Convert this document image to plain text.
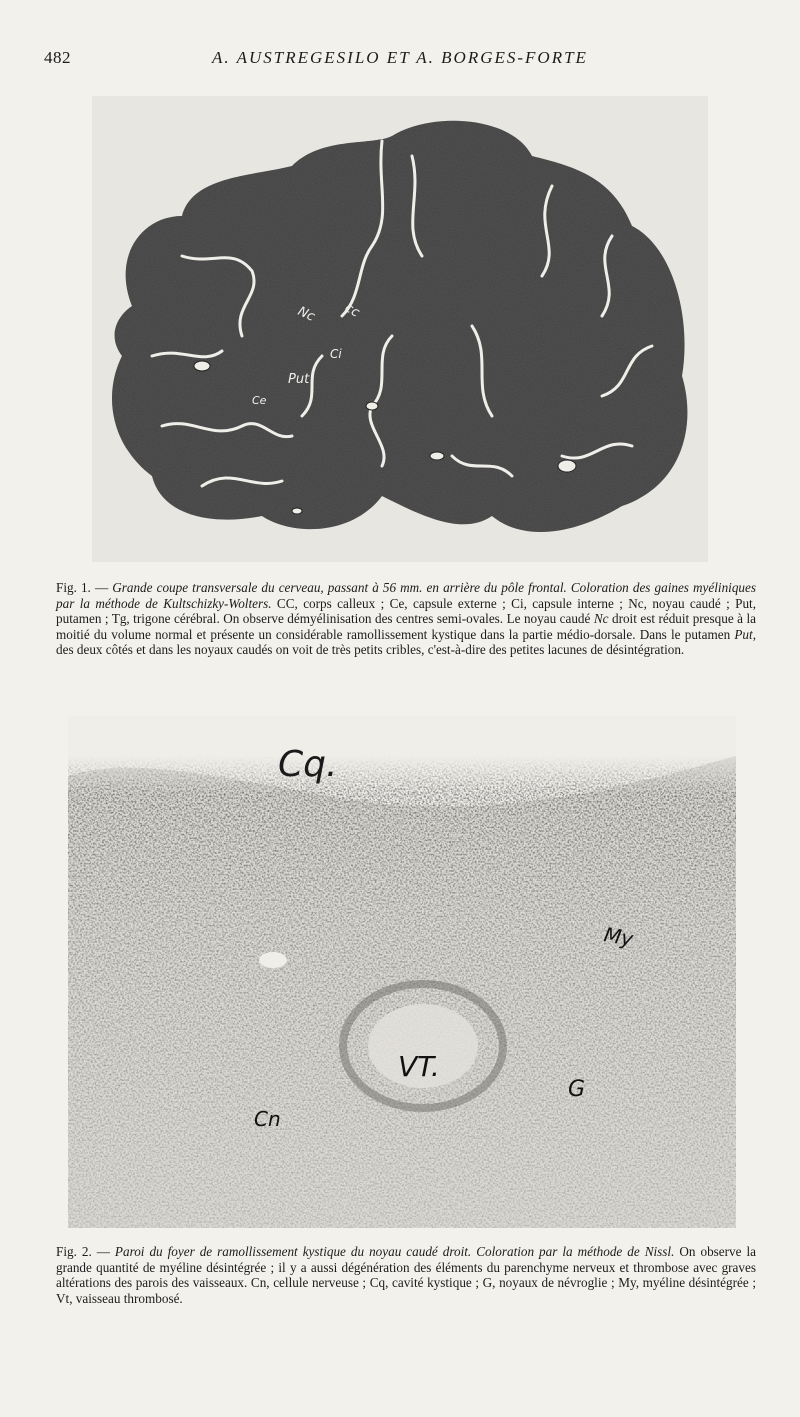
482	A. AUSTREGESILO ET A. BORGES-FORTE
Nc cc
Ci
Put
Ce

Fig. 1. — Grande coupe transversale du cerveau, passant à 56 mm. en arrière du pôle frontal. Coloration des gaines myéliniques par la méthode de Kultschizky-Wolters. CC, corps calleux ; Ce, capsule externe ; Ci, capsule interne ; Nc, noyau caudé ; Put, putamen ; Tg, trigone cérébral. On observe démyélinisation des centres semi-ovales. Le noyau caudé Nc droit est réduit presque à la moitié du volume normal et présente un considérable ramollissement kystique dans la partie médio-dorsale. Dans le putamen Put, des deux côtés et dans les noyaux caudés on voit de très petits cribles, c'est-à-dire des petites lacunes de désintégration.

Cq.
My
VT.
G
Cn

Fig. 2. — Paroi du foyer de ramollissement kystique du noyau caudé droit. Coloration par la méthode de Nissl. On observe la grande quantité de myéline désintégrée ; il y a aussi dégénération des éléments du parenchyme nerveux et thrombose avec graves altérations des parois des vaisseaux. Cn, cellule nerveuse ; Cq, cavité kystique ; G, noyaux de névroglie ; My, myéline désintégrée ; Vt, vaisseau thrombosé.
